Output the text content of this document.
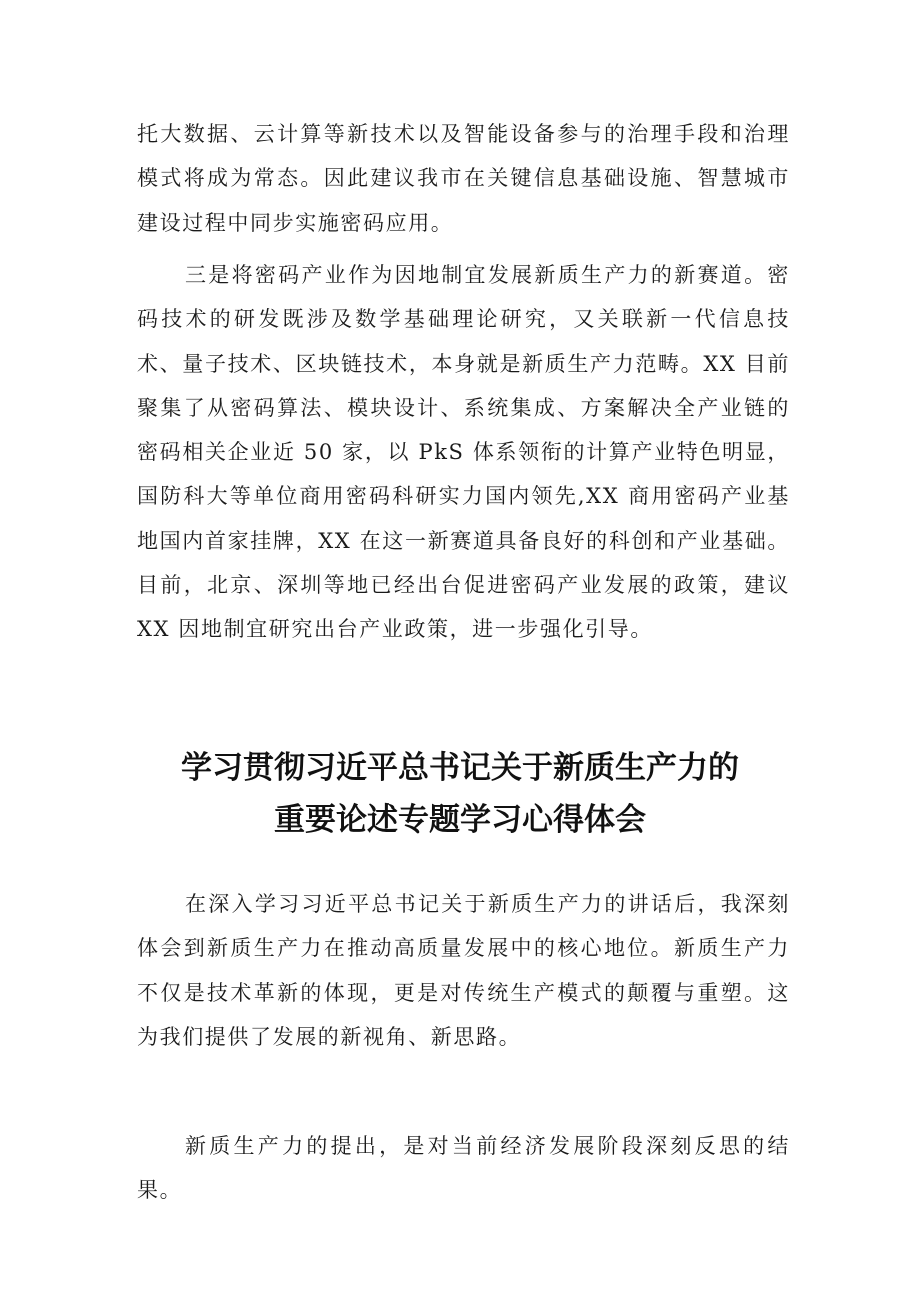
托大数据、云计算等新技术以及智能设备参与的治理手段和治理模式将成为常态。因此建议我市在关键信息基础设施、智慧城市建设过程中同步实施密码应用。

三是将密码产业作为因地制宜发展新质生产力的新赛道。密码技术的研发既涉及数学基础理论研究，又关联新一代信息技术、量子技术、区块链技术，本身就是新质生产力范畴。XX 目前聚集了从密码算法、模块设计、系统集成、方案解决全产业链的密码相关企业近 50 家，以 PkS 体系领衔的计算产业特色明显，国防科大等单位商用密码科研实力国内领先,XX 商用密码产业基地国内首家挂牌，XX 在这一新赛道具备良好的科创和产业基础。目前，北京、深圳等地已经出台促进密码产业发展的政策，建议 XX 因地制宜研究出台产业政策，进一步强化引导。

学习贯彻习近平总书记关于新质生产力的
重要论述专题学习心得体会

在深入学习习近平总书记关于新质生产力的讲话后，我深刻体会到新质生产力在推动高质量发展中的核心地位。新质生产力不仅是技术革新的体现，更是对传统生产模式的颠覆与重塑。这为我们提供了发展的新视角、新思路。

新质生产力的提出，是对当前经济发展阶段深刻反思的结果。
